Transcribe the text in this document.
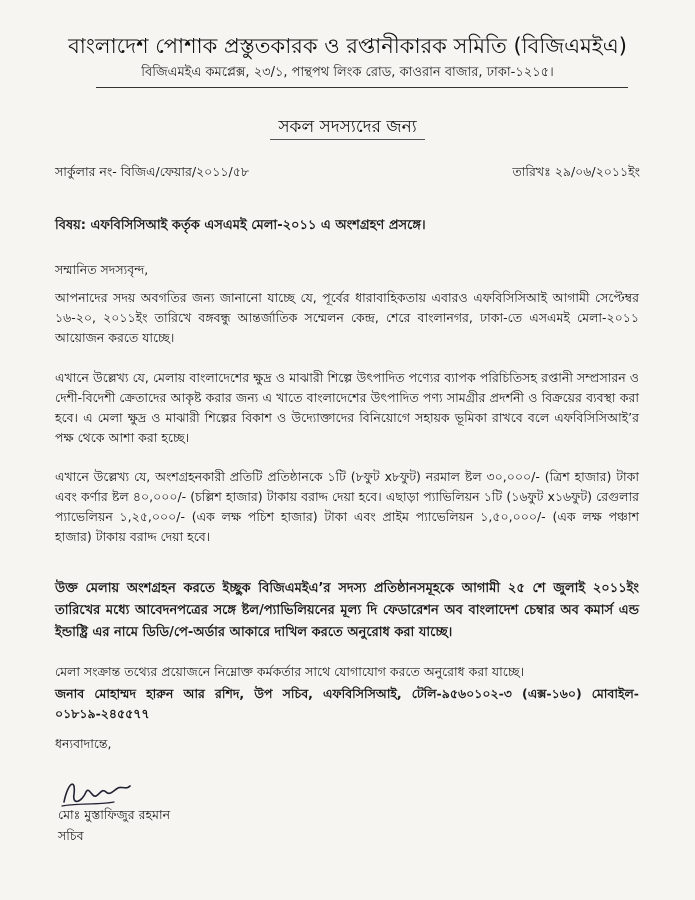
বাংলাদেশ পোশাক প্রস্তুতকারক ও রপ্তানীকারক সমিতি (বিজিএমইএ)
বিজিএমইএ কমপ্লেক্স, ২৩/১, পান্থপথ লিংক রোড, কাওরান বাজার, ঢাকা-১২১৫।
সকল সদস্যদের জন্য
সার্কুলার নং- বিজিএ/ফেয়ার/২০১১/৫৮	তারিখঃ ২৯/০৬/২০১১ইং
বিষয়: এফবিসিসিআই কর্তৃক এসএমই মেলা-২০১১ এ অংশগ্রহণ প্রসঙ্গে।
সম্মানিত সদস্যবৃন্দ,
আপনাদের সদয় অবগতির জন্য জানানো যাচ্ছে যে, পূর্বের ধারাবাহিকতায় এবারও এফবিসিসিআই আগামী সেপ্টেম্বর ১৬-২০, ২০১১ইং তারিখে বঙ্গবন্ধু আন্তর্জাতিক সম্মেলন কেন্দ্র, শেরে বাংলানগর, ঢাকা-তে এসএমই মেলা-২০১১ আয়োজন করতে যাচ্ছে।
এখানে উল্লেখ্য যে, মেলায় বাংলাদেশের ক্ষুদ্র ও মাঝারী শিল্পে উৎপাদিত পণ্যের ব্যাপক পরিচিতিসহ রপ্তানী সম্প্রসারন ও দেশী-বিদেশী ক্রেতাদের আকৃষ্ট করার জন্য এ খাতে বাংলাদেশের উৎপাদিত পণ্য সামগ্রীর প্রদর্শনী ও বিক্রয়ের ব্যবস্থা করা হবে। এ মেলা ক্ষুদ্র ও মাঝারী শিল্পের বিকাশ ও উদ্যোক্তাদের বিনিয়োগে সহায়ক ভূমিকা রাখবে বলে এফবিসিসিআই’র পক্ষ থেকে আশা করা হচ্ছে।
এখানে উল্লেখ্য যে, অংশগ্রহনকারী প্রতিটি প্রতিষ্ঠানকে ১টি (৮ফুট x৮ফুট) নরমাল ষ্টল ৩০,০০০/- (ত্রিশ হাজার) টাকা এবং কর্ণার ষ্টল ৪০,০০০/- (চল্লিশ হাজার) টাকায় বরাদ্দ দেয়া হবে। এছাড়া প্যাভিলিয়ন ১টি (১৬ফুট x১৬ফুট) রেগুলার প্যাভেলিয়ন ১,২৫,০০০/- (এক লক্ষ পচিশ হাজার) টাকা এবং প্রাইম প্যাভেলিয়ন ১,৫০,০০০/- (এক লক্ষ পঞ্চাশ হাজার) টাকায় বরাদ্দ দেয়া হবে।
উক্ত মেলায় অংশগ্রহন করতে ইচ্ছুক বিজিএমইএ’র সদস্য প্রতিষ্ঠানসমূহকে আগামী ২৫ শে জুলাই ২০১১ইং তারিখের মধ্যে আবেদনপত্রের সঙ্গে ষ্টল/প্যাভিলিয়নের মূল্য দি ফেডারেশন অব বাংলাদেশ চেম্বার অব কমার্স এন্ড ইন্ডাষ্ট্রি এর নামে ডিডি/পে-অর্ডার আকারে দাখিল করতে অনুরোধ করা যাচ্ছে।
মেলা সংক্রান্ত তথ্যের প্রয়োজনে নিম্নোক্ত কর্মকর্তার সাথে যোগাযোগ করতে অনুরোধ করা যাচ্ছে।
জনাব মোহাম্মদ হারুন আর রশিদ, উপ সচিব, এফবিসিসিআই, টেলি-৯৫৬০১০২-৩ (এক্স-১৬০) মোবাইল- ০১৮১৯-২৪৫৫৭৭
ধন্যবাদান্তে,
মোঃ মুস্তাফিজুর রহমান
সচিব
